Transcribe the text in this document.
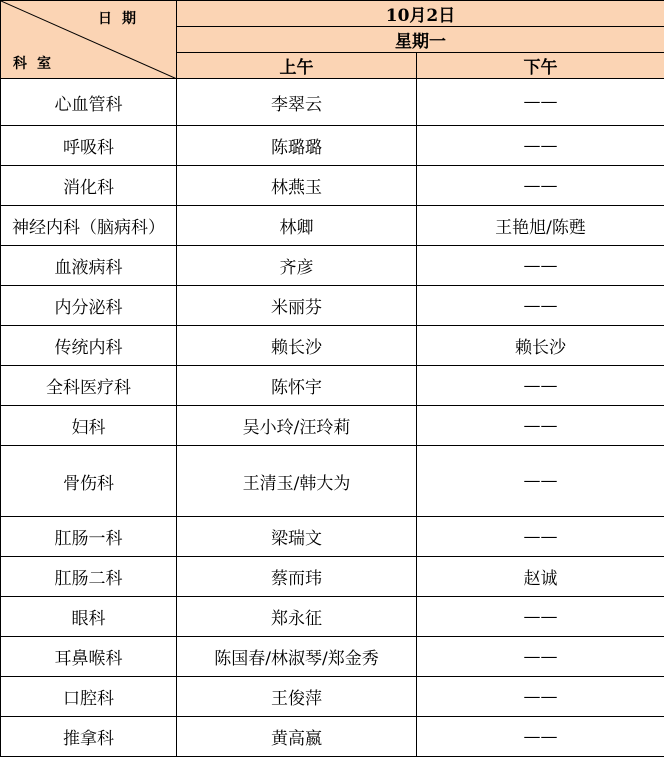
日期
科室	10月2日	
	星期一	
	上午	下午
心血管科	李翠云	——
呼吸科	陈璐璐	——
消化科	林燕玉	——
神经内科（脑病科）	林卿	王艳旭/陈甦
血液病科	齐彦	——
内分泌科	米丽芬	——
传统内科	赖长沙	赖长沙
全科医疗科	陈怀宇	——
妇科	吴小玲/汪玲莉	——
骨伤科	王清玉/韩大为	——
肛肠一科	梁瑞文	——
肛肠二科	蔡而玮	赵诚
眼科	郑永征	——
耳鼻喉科	陈国春/林淑琴/郑金秀	——
口腔科	王俊萍	——
推拿科	黄高嬴	——
